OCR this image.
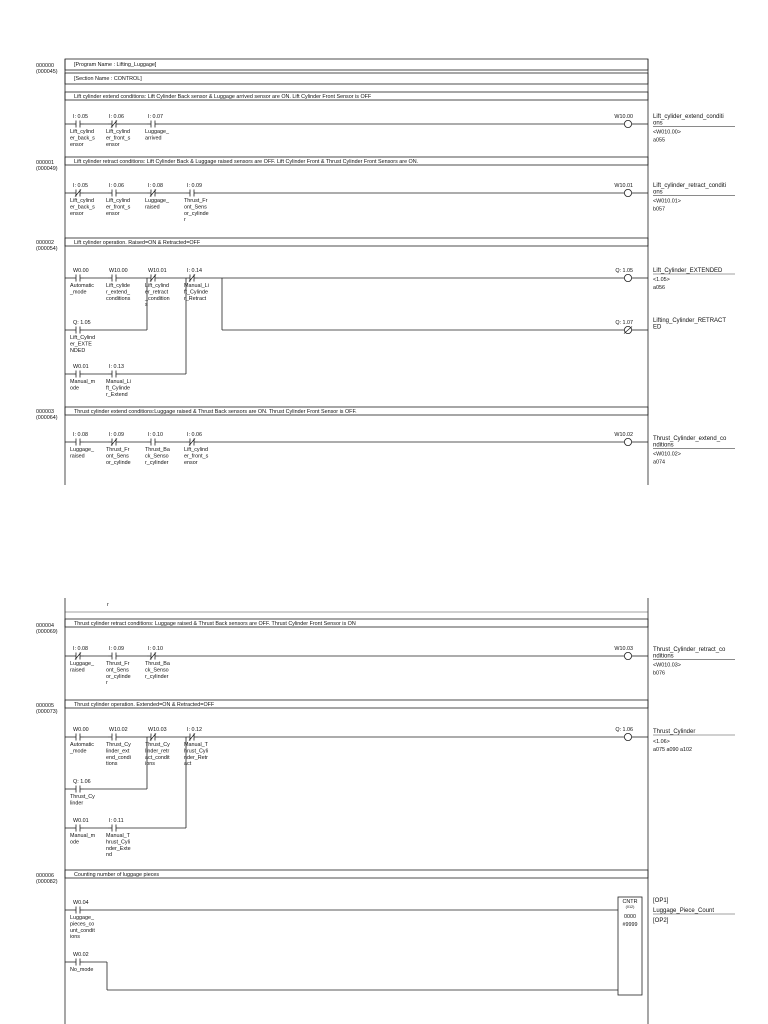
[Program Name : Lifting_Luggage]
[Section Name : CONTROL]
000000
(000045)
Lift cylinder extend conditions: Lift Cylinder Back sensor & Luggage arrived sensor are ON. Lift Cylinder Front Sensor is OFF
I: 0.05
Lift_cylind
er_back_s
ensor
I: 0.06
Lift_cylind
er_front_s
ensor
I: 0.07
Luggage_
arrived
W10.00	Lift_cylider_extend_conditi
ons
<W010.00>
a055
000001
(000049)
Lift cylinder retract conditions: Lift Cylinder Back & Luggage raised sensors are OFF. Lift Cylinder Front & Thrust Cylinder Front Sensors are ON.
I: 0.05
Lift_cylind
er_back_s
ensor
I: 0.06
Lift_cylind
er_front_s
ensor
I: 0.08
Luggage_
raised
I: 0.09
Thrust_Fr
ont_Sens
or_cylinde
r
W10.01	Lift_cylinder_retract_conditi
ons
<W010.01>
b057
000002
(000054)
Lift cylinder operation. Raised=ON & Retracted=OFF
W0.00
Automatic
_mode
W10.00
Lift_cylide
r_extend_
conditions
W10.01
Lift_cylind
er_retract
_condition
s
I: 0.14
Manual_Li
ft_Cylinde
r_Retract
Q: 1.05	Lift_Cylinder_EXTENDED
<1.05>
a056
Q: 1.05
Lift_Cylind
er_EXTE
NDED
W0.01
Manual_m
ode
I: 0.13
Manual_Li
ft_Cylinde
r_Extend
Q: 1.07	Lifting_Cylinder_RETRACT
ED
000003
(000064)
Thrust cylinder extend conditions:Luggage raised & Thrust Back sensors are ON. Thrust Cylinder Front Sensor is OFF.
I: 0.08
Luggage_
raised
I: 0.09
Thrust_Fr
ont_Sens
or_cylinde
I: 0.10
Thrust_Ba
ck_Senso
r_cylinder
I: 0.06
Lift_cylind
er_front_s
ensor
W10.02
Thrust_Cylinder_extend_co
nditions
<W010.02>
a074
r
000004
(000069)
Thrust cylinder retract conditions: Luggage raised & Thrust Back sensors are OFF. Thrust Cylinder Front Sensor is ON
I: 0.08
Luggage_
raised
I: 0.09
Thrust_Fr
ont_Sens
or_cylinde
r
I: 0.10
Thrust_Ba
ck_Senso
r_cylinder
W10.03	Thrust_Cylinder_retract_co
nditions
<W010.03>
b076
000005
(000073)
Thrust cylinder operation. Extended=ON & Retracted=OFF
W0.00
Automatic
_mode
W10.02
Thrust_Cy
linder_ext
end_condi
tions
W10.03
Thrust_Cy
linder_retr
act_condit
ions
I: 0.12
Manual_T
hrust_Cyli
nder_Retr
act
Q: 1.06	Thrust_Cylinder
<1.06>
a075 a090 a102
Q: 1.06
Thrust_Cy
linder
W0.01
Manual_m
ode
I: 0.11
Manual_T
hrust_Cyli
nder_Exte
nd
000006
(000082)
Counting number of luggage pieces
W0.04
Luggage_
pieces_co
unt_condit
ions
W0.02
No_mode
CNTR
(012)
0000
#9999
[OP1]
Luggage_Piece_Count
[OP2]
